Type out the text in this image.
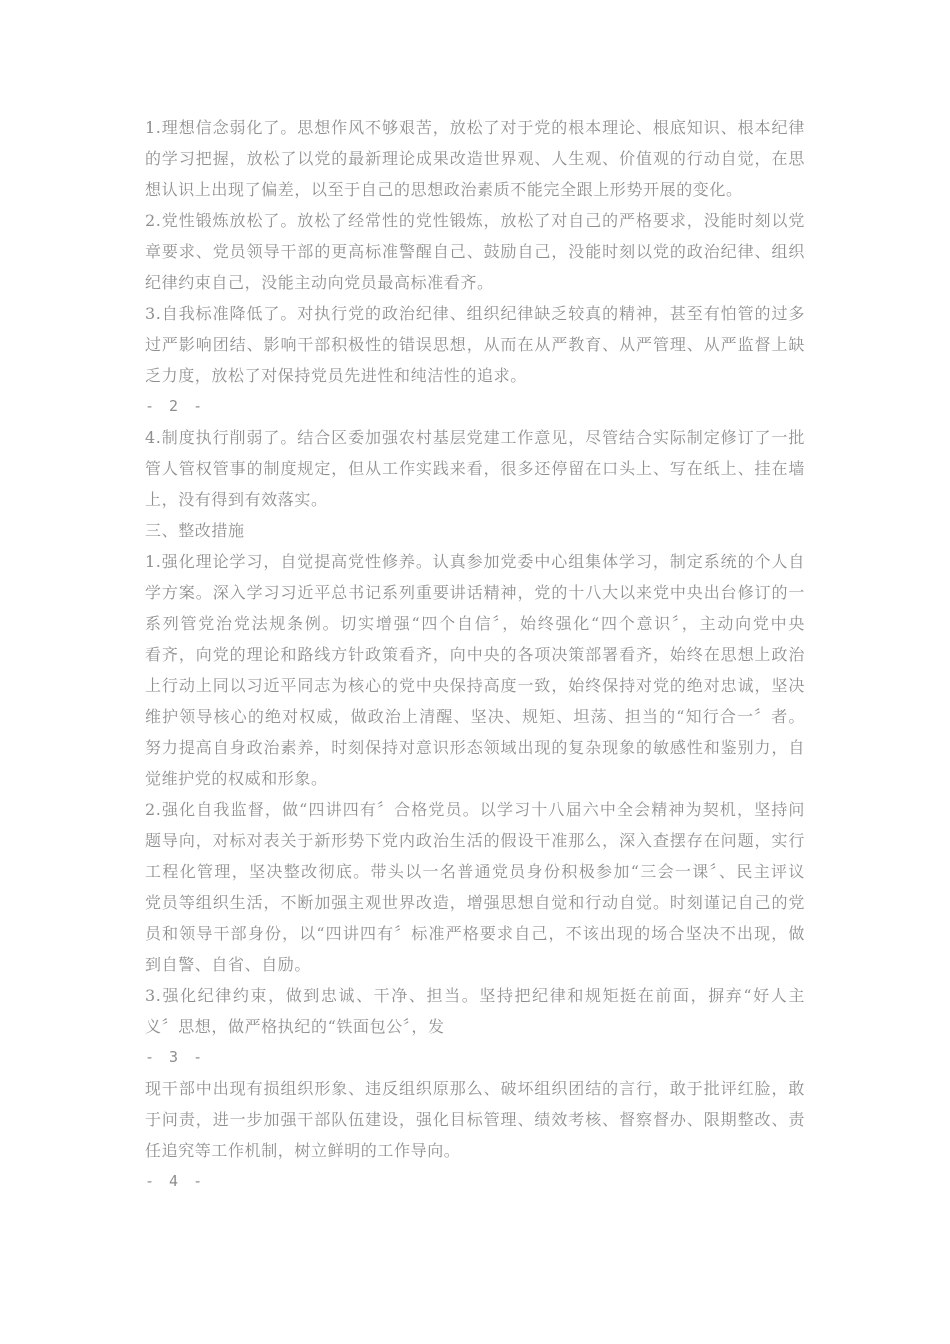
1.理想信念弱化了。思想作风不够艰苦，放松了对于党的根本理论、根底知识、根本纪律
的学习把握，放松了以党的最新理论成果改造世界观、人生观、价值观的行动自觉，在思
想认识上出现了偏差，以至于自己的思想政治素质不能完全跟上形势开展的变化。
2.党性锻炼放松了。放松了经常性的党性锻炼，放松了对自己的严格要求，没能时刻以党
章要求、党员领导干部的更高标准警醒自己、鼓励自己，没能时刻以党的政治纪律、组织
纪律约束自己，没能主动向党员最高标准看齐。
3.自我标准降低了。对执行党的政治纪律、组织纪律缺乏较真的精神，甚至有怕管的过多
过严影响团结、影响干部积极性的错误思想，从而在从严教育、从严管理、从严监督上缺
乏力度，放松了对保持党员先进性和纯洁性的追求。
- 2 -
4.制度执行削弱了。结合区委加强农村基层党建工作意见，尽管结合实际制定修订了一批
管人管权管事的制度规定，但从工作实践来看，很多还停留在口头上、写在纸上、挂在墙
上，没有得到有效落实。
三、整改措施
1.强化理论学习，自觉提高党性修养。认真参加党委中心组集体学习，制定系统的个人自
学方案。深入学习习近平总书记系列重要讲话精神，党的十八大以来党中央出台修订的一
系列管党治党法规条例。切实增强“四个自信〞，始终强化“四个意识〞，主动向党中央
看齐，向党的理论和路线方针政策看齐，向中央的各项决策部署看齐，始终在思想上政治
上行动上同以习近平同志为核心的党中央保持高度一致，始终保持对党的绝对忠诚，坚决
维护领导核心的绝对权威，做政治上清醒、坚决、规矩、坦荡、担当的“知行合一〞者。
努力提高自身政治素养，时刻保持对意识形态领域出现的复杂现象的敏感性和鉴别力，自
觉维护党的权威和形象。
2.强化自我监督，做“四讲四有〞合格党员。以学习十八届六中全会精神为契机，坚持问
题导向，对标对表关于新形势下党内政治生活的假设干准那么，深入查摆存在问题，实行
工程化管理，坚决整改彻底。带头以一名普通党员身份积极参加“三会一课〞、民主评议
党员等组织生活，不断加强主观世界改造，增强思想自觉和行动自觉。时刻谨记自己的党
员和领导干部身份，以“四讲四有〞标准严格要求自己，不该出现的场合坚决不出现，做
到自警、自省、自励。
3.强化纪律约束，做到忠诚、干净、担当。坚持把纪律和规矩挺在前面，摒弃“好人主
义〞思想，做严格执纪的“铁面包公〞，发
- 3 -
现干部中出现有损组织形象、违反组织原那么、破坏组织团结的言行，敢于批评红脸，敢
于问责，进一步加强干部队伍建设，强化目标管理、绩效考核、督察督办、限期整改、责
任追究等工作机制，树立鲜明的工作导向。
- 4 -
